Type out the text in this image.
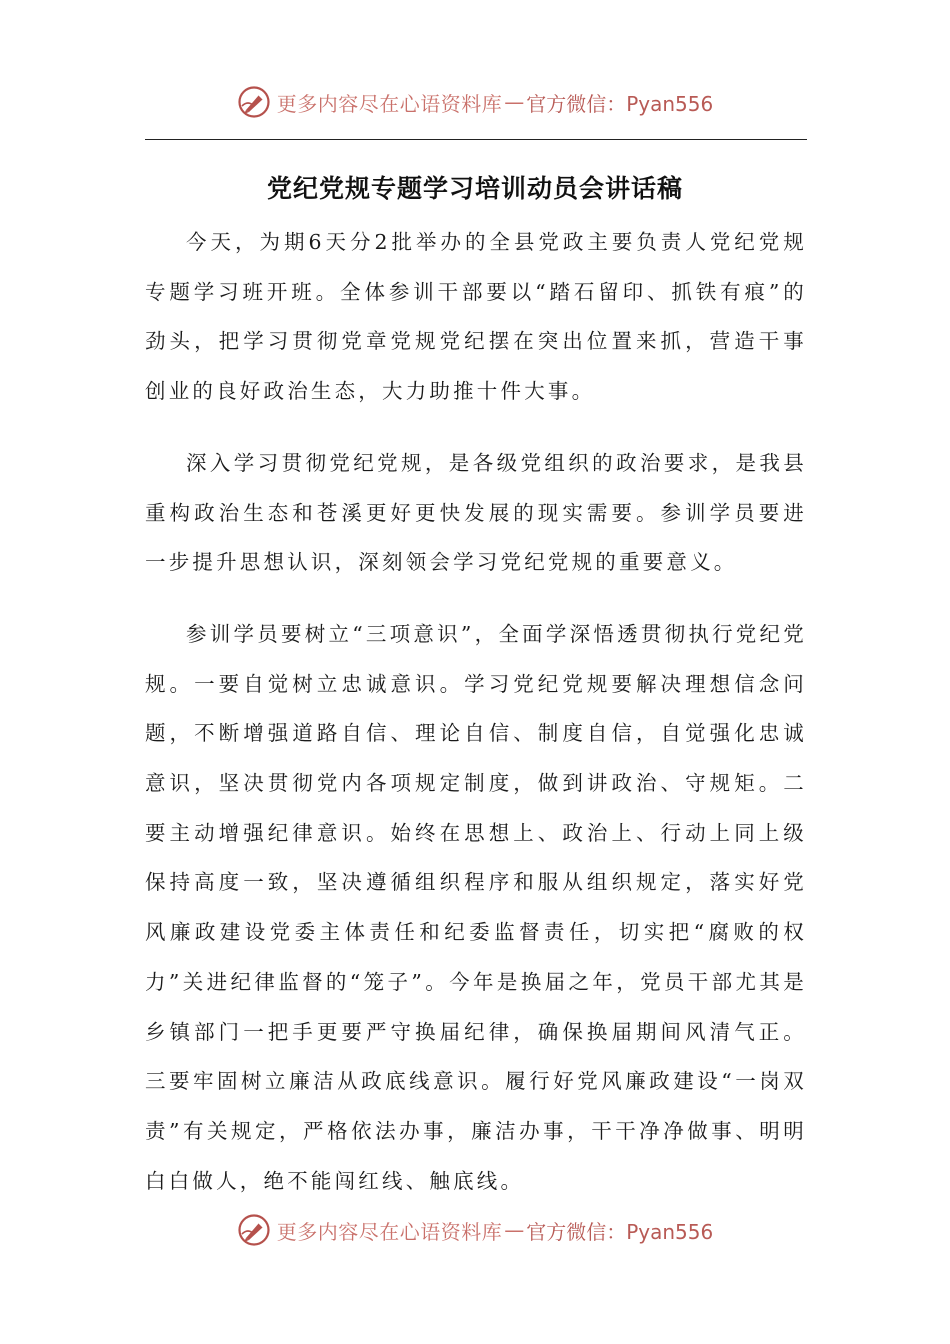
更多内容尽在心语资料库 — 官方微信：Pyan556
党纪党规专题学习培训动员会讲话稿

今天，为期6天分2批举办的全县党政主要负责人党纪党规专题学习班开班。全体参训干部要以“踏石留印、抓铁有痕”的劲头，把学习贯彻党章党规党纪摆在突出位置来抓，营造干事创业的良好政治生态，大力助推十件大事。

深入学习贯彻党纪党规，是各级党组织的政治要求，是我县重构政治生态和苍溪更好更快发展的现实需要。参训学员要进一步提升思想认识，深刻领会学习党纪党规的重要意义。

参训学员要树立“三项意识”，全面学深悟透贯彻执行党纪党规。一要自觉树立忠诚意识。学习党纪党规要解决理想信念问题，不断增强道路自信、理论自信、制度自信，自觉强化忠诚意识，坚决贯彻党内各项规定制度，做到讲政治、守规矩。二要主动增强纪律意识。始终在思想上、政治上、行动上同上级保持高度一致，坚决遵循组织程序和服从组织规定，落实好党风廉政建设党委主体责任和纪委监督责任，切实把“腐败的权力”关进纪律监督的“笼子”。今年是换届之年，党员干部尤其是乡镇部门一把手更要严守换届纪律，确保换届期间风清气正。三要牢固树立廉洁从政底线意识。履行好党风廉政建设“一岗双责”有关规定，严格依法办事，廉洁办事，干干净净做事、明明白白做人，绝不能闯红线、触底线。

更多内容尽在心语资料库 — 官方微信：Pyan556
